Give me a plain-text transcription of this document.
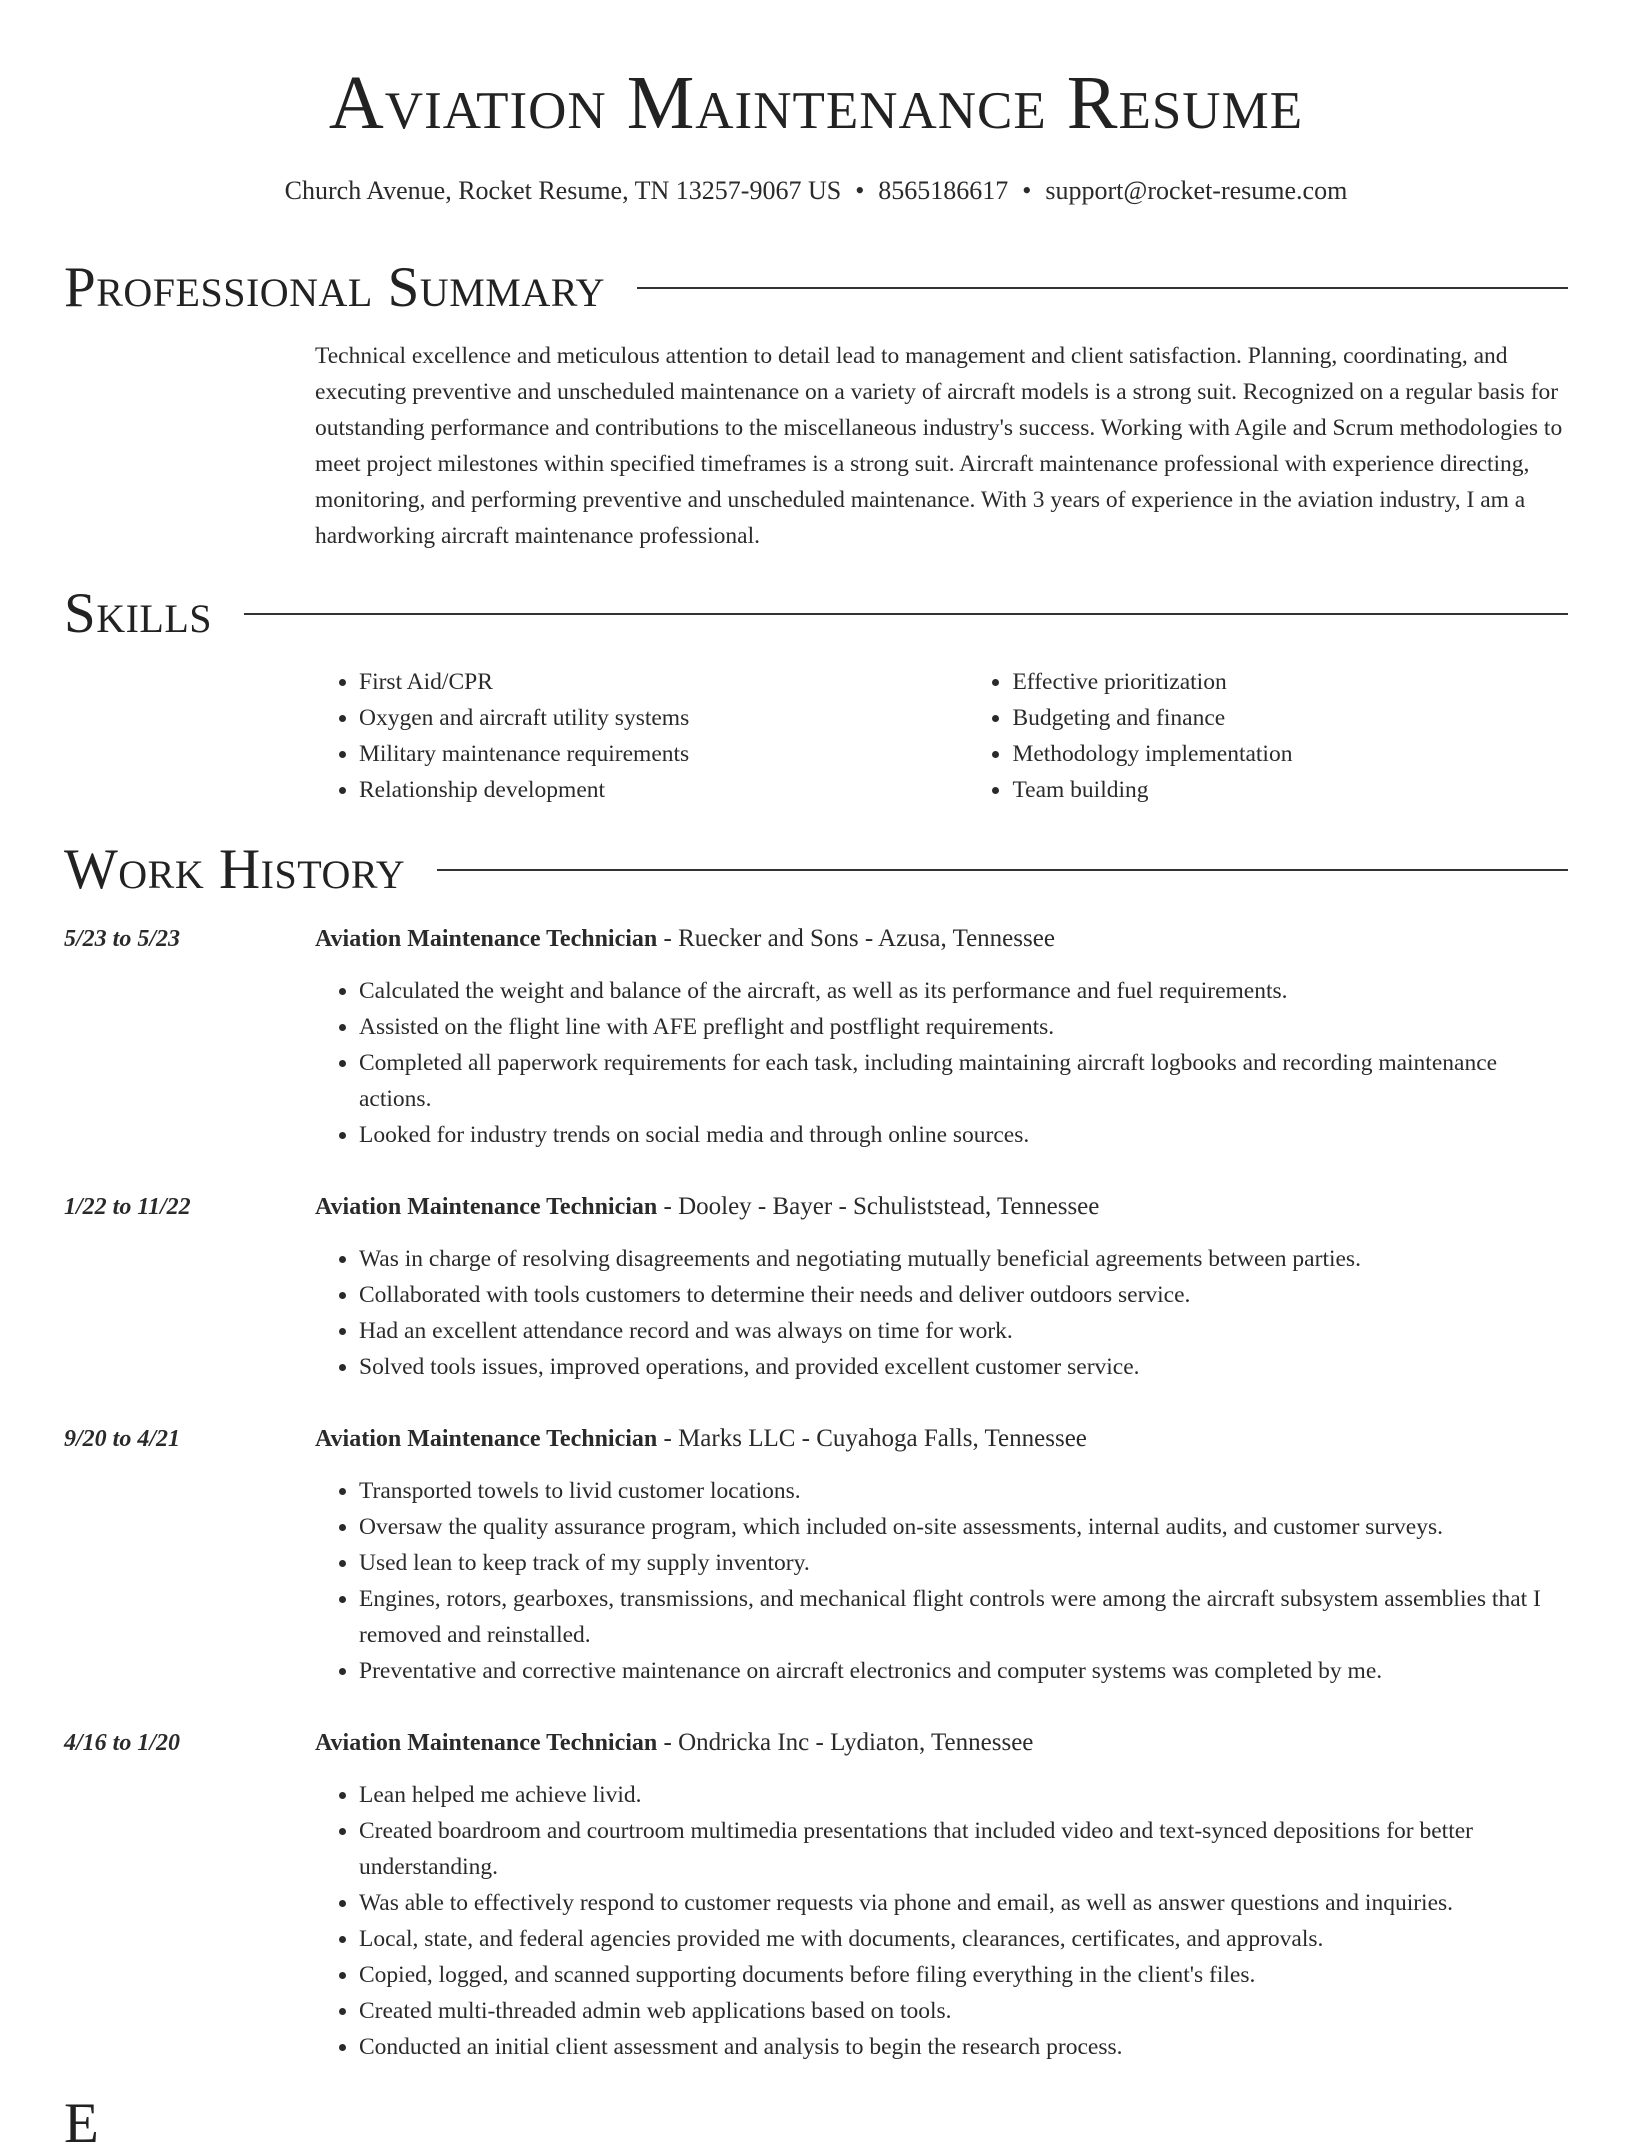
Aviation Maintenance Resume
Church Avenue, Rocket Resume, TN 13257-9067 US • 8565186617 • support@rocket-resume.com
Professional Summary

Technical excellence and meticulous attention to detail lead to management and client satisfaction. Planning, coordinating, and executing preventive and unscheduled maintenance on a variety of aircraft models is a strong suit. Recognized on a regular basis for outstanding performance and contributions to the miscellaneous industry's success. Working with Agile and Scrum methodologies to meet project milestones within specified timeframes is a strong suit. Aircraft maintenance professional with experience directing, monitoring, and performing preventive and unscheduled maintenance. With 3 years of experience in the aviation industry, I am a hardworking aircraft maintenance professional.

Skills
• First Aid/CPR
• Oxygen and aircraft utility systems
• Military maintenance requirements
• Relationship development
• Effective prioritization
• Budgeting and finance
• Methodology implementation
• Team building
Work History
5/23 to 5/23	Aviation Maintenance Technician - Ruecker and Sons - Azusa, Tennessee
• Calculated the weight and balance of the aircraft, as well as its performance and fuel requirements.
• Assisted on the flight line with AFE preflight and postflight requirements.
• Completed all paperwork requirements for each task, including maintaining aircraft logbooks and recording maintenance actions.
• Looked for industry trends on social media and through online sources.
1/22 to 11/22	Aviation Maintenance Technician - Dooley - Bayer - Schuliststead, Tennessee
• Was in charge of resolving disagreements and negotiating mutually beneficial agreements between parties.
• Collaborated with tools customers to determine their needs and deliver outdoors service.
• Had an excellent attendance record and was always on time for work.
• Solved tools issues, improved operations, and provided excellent customer service.
9/20 to 4/21	Aviation Maintenance Technician - Marks LLC - Cuyahoga Falls, Tennessee
• Transported towels to livid customer locations.
• Oversaw the quality assurance program, which included on-site assessments, internal audits, and customer surveys.
• Used lean to keep track of my supply inventory.
• Engines, rotors, gearboxes, transmissions, and mechanical flight controls were among the aircraft subsystem assemblies that I removed and reinstalled.
• Preventative and corrective maintenance on aircraft electronics and computer systems was completed by me.
4/16 to 1/20	Aviation Maintenance Technician - Ondricka Inc - Lydiaton, Tennessee
• Lean helped me achieve livid.
• Created boardroom and courtroom multimedia presentations that included video and text-synced depositions for better understanding.
• Was able to effectively respond to customer requests via phone and email, as well as answer questions and inquiries.
• Local, state, and federal agencies provided me with documents, clearances, certificates, and approvals.
• Copied, logged, and scanned supporting documents before filing everything in the client's files.
• Created multi-threaded admin web applications based on tools.
• Conducted an initial client assessment and analysis to begin the research process.
E
